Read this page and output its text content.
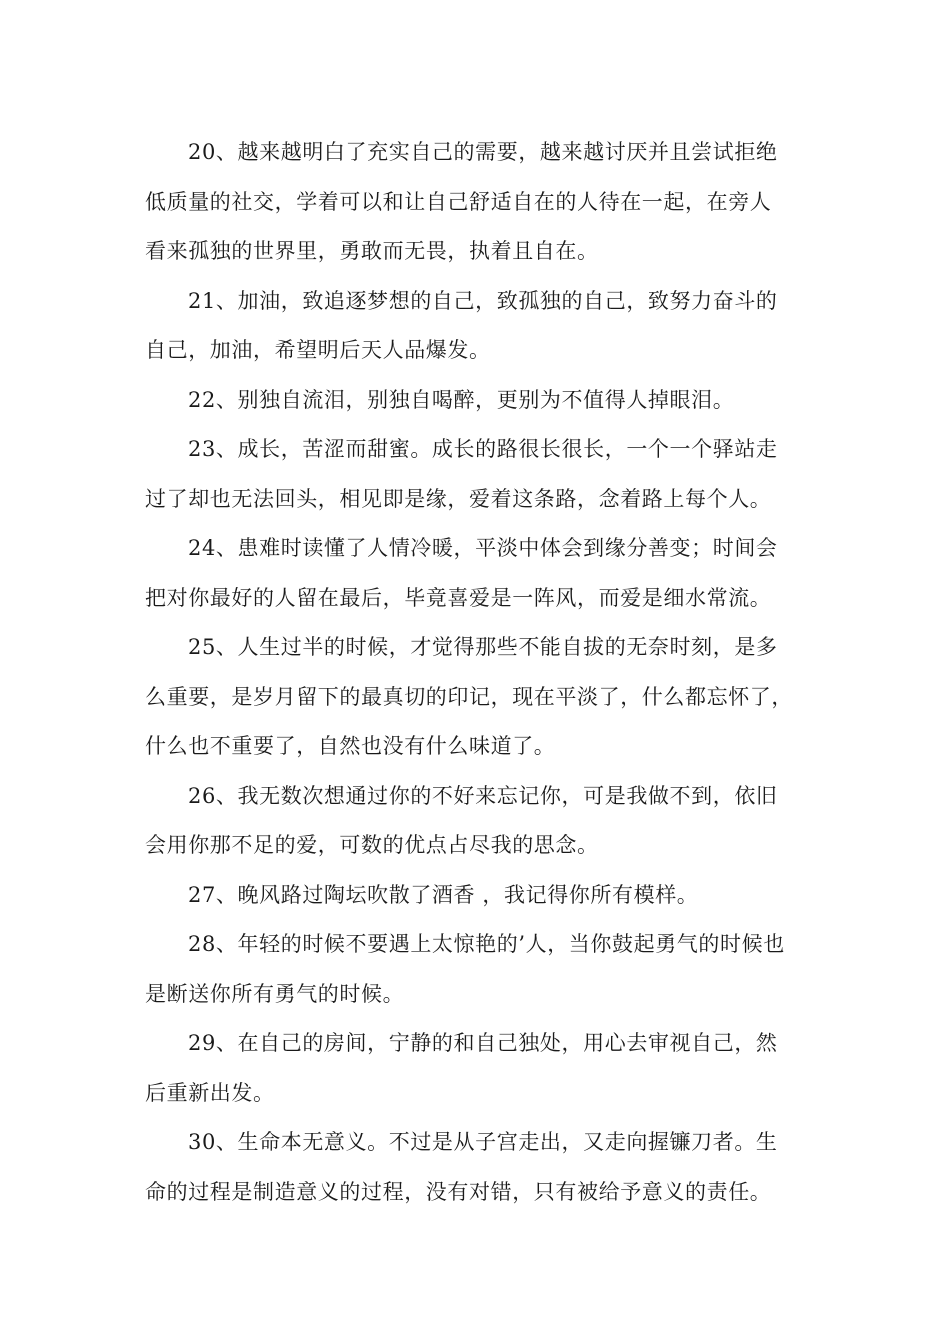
20、越来越明白了充实自己的需要，越来越讨厌并且尝试拒绝
低质量的社交，学着可以和让自己舒适自在的人待在一起，在旁人
看来孤独的世界里，勇敢而无畏，执着且自在。
21、加油，致追逐梦想的自己，致孤独的自己，致努力奋斗的
自己，加油，希望明后天人品爆发。
22、别独自流泪，别独自喝醉，更别为不值得人掉眼泪。
23、成长，苦涩而甜蜜。成长的路很长很长，一个一个驿站走
过了却也无法回头，相见即是缘，爱着这条路，念着路上每个人。
24、患难时读懂了人情冷暖，平淡中体会到缘分善变；时间会
把对你最好的人留在最后，毕竟喜爱是一阵风，而爱是细水常流。
25、人生过半的时候，才觉得那些不能自拔的无奈时刻，是多
么重要，是岁月留下的最真切的印记，现在平淡了，什么都忘怀了，
什么也不重要了，自然也没有什么味道了。
26、我无数次想通过你的不好来忘记你，可是我做不到，依旧
会用你那不足的爱，可数的优点占尽我的思念。
27、晚风路过陶坛吹散了酒香 ，我记得你所有模样。
28、年轻的时候不要遇上太惊艳的’人，当你鼓起勇气的时候也
是断送你所有勇气的时候。
29、在自己的房间，宁静的和自己独处，用心去审视自己，然
后重新出发。
30、生命本无意义。不过是从子宫走出，又走向握镰刀者。生
命的过程是制造意义的过程，没有对错，只有被给予意义的责任。
